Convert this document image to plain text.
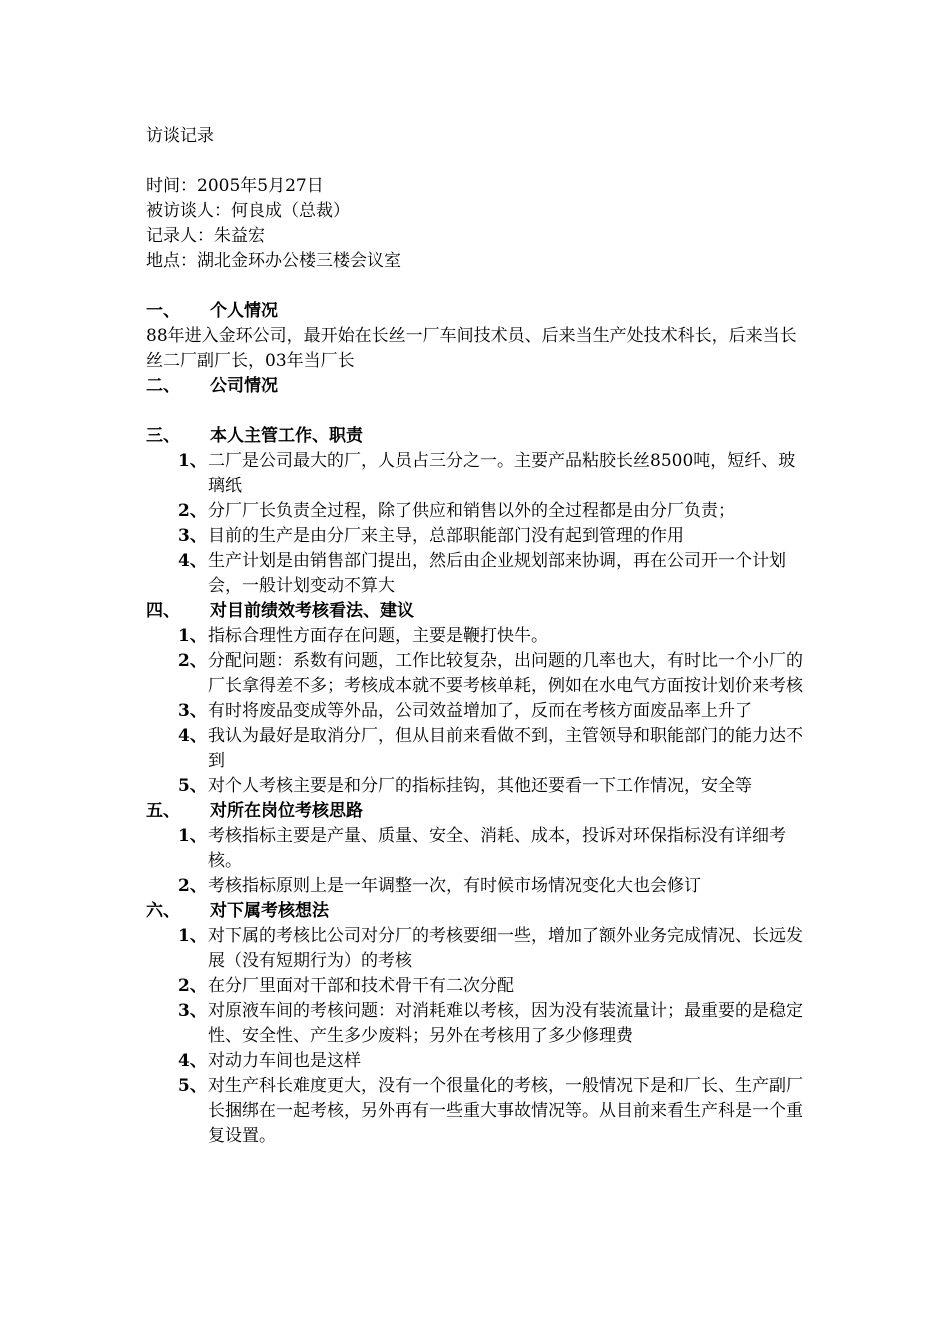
访谈记录
时间：2005年5月27日
被访谈人：何良成（总裁）
记录人：朱益宏
地点：湖北金环办公楼三楼会议室
一、 个人情况
88年进入金环公司，最开始在长丝一厂车间技术员、后来当生产处技术科长，后来当长丝二厂副厂长，03年当厂长
二、 公司情况
三、 本人主管工作、职责
1、 二厂是公司最大的厂，人员占三分之一。主要产品粘胶长丝8500吨，短纤、玻璃纸
2、 分厂厂长负责全过程，除了供应和销售以外的全过程都是由分厂负责；
3、 目前的生产是由分厂来主导，总部职能部门没有起到管理的作用
4、 生产计划是由销售部门提出，然后由企业规划部来协调，再在公司开一个计划会，一般计划变动不算大
四、 对目前绩效考核看法、建议
1、 指标合理性方面存在问题，主要是鞭打快牛。
2、 分配问题：系数有问题，工作比较复杂，出问题的几率也大，有时比一个小厂的厂长拿得差不多；考核成本就不要考核单耗，例如在水电气方面按计划价来考核
3、 有时将废品变成等外品，公司效益增加了，反而在考核方面废品率上升了
4、 我认为最好是取消分厂，但从目前来看做不到，主管领导和职能部门的能力达不到
5、 对个人考核主要是和分厂的指标挂钩，其他还要看一下工作情况，安全等
五、 对所在岗位考核思路
1、 考核指标主要是产量、质量、安全、消耗、成本，投诉对环保指标没有详细考核。
2、 考核指标原则上是一年调整一次，有时候市场情况变化大也会修订
六、 对下属考核想法
1、 对下属的考核比公司对分厂的考核要细一些，增加了额外业务完成情况、长远发展（没有短期行为）的考核
2、 在分厂里面对干部和技术骨干有二次分配
3、 对原液车间的考核问题：对消耗难以考核，因为没有装流量计；最重要的是稳定性、安全性、产生多少废料；另外在考核用了多少修理费
4、 对动力车间也是这样
5、 对生产科长难度更大，没有一个很量化的考核，一般情况下是和厂长、生产副厂长捆绑在一起考核，另外再有一些重大事故情况等。从目前来看生产科是一个重复设置。
